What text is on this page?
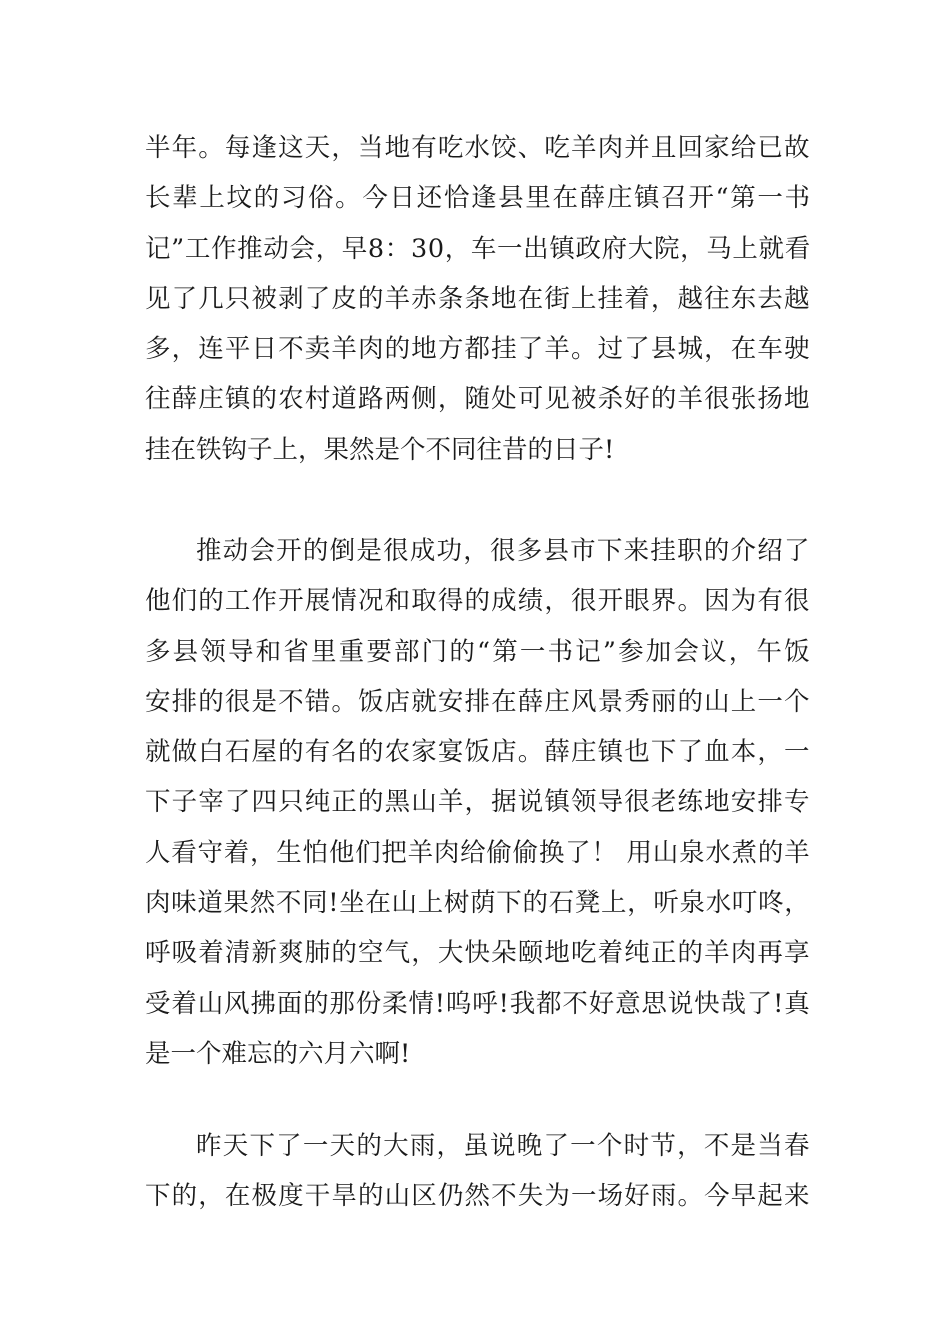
半年。每逢这天，当地有吃水饺、吃羊肉并且回家给已故
长辈上坟的习俗。今日还恰逢县里在薛庄镇召开“第一书
记”工作推动会，早8：30，车一出镇政府大院，马上就看
见了几只被剥了皮的羊赤条条地在街上挂着，越往东去越
多，连平日不卖羊肉的地方都挂了羊。过了县城，在车驶
往薛庄镇的农村道路两侧，随处可见被杀好的羊很张扬地
挂在铁钩子上，果然是个不同往昔的日子!
推动会开的倒是很成功，很多县市下来挂职的介绍了
他们的工作开展情况和取得的成绩，很开眼界。因为有很
多县领导和省里重要部门的“第一书记”参加会议，午饭
安排的很是不错。饭店就安排在薛庄风景秀丽的山上一个
就做白石屋的有名的农家宴饭店。薛庄镇也下了血本，一
下子宰了四只纯正的黑山羊，据说镇领导很老练地安排专
人看守着，生怕他们把羊肉给偷偷换了！ 用山泉水煮的羊
肉味道果然不同!坐在山上树荫下的石凳上，听泉水叮咚，
呼吸着清新爽肺的空气，大快朵颐地吃着纯正的羊肉再享
受着山风拂面的那份柔情!呜呼!我都不好意思说快哉了!真
是一个难忘的六月六啊!
昨天下了一天的大雨，虽说晚了一个时节，不是当春
下的，在极度干旱的山区仍然不失为一场好雨。今早起来
